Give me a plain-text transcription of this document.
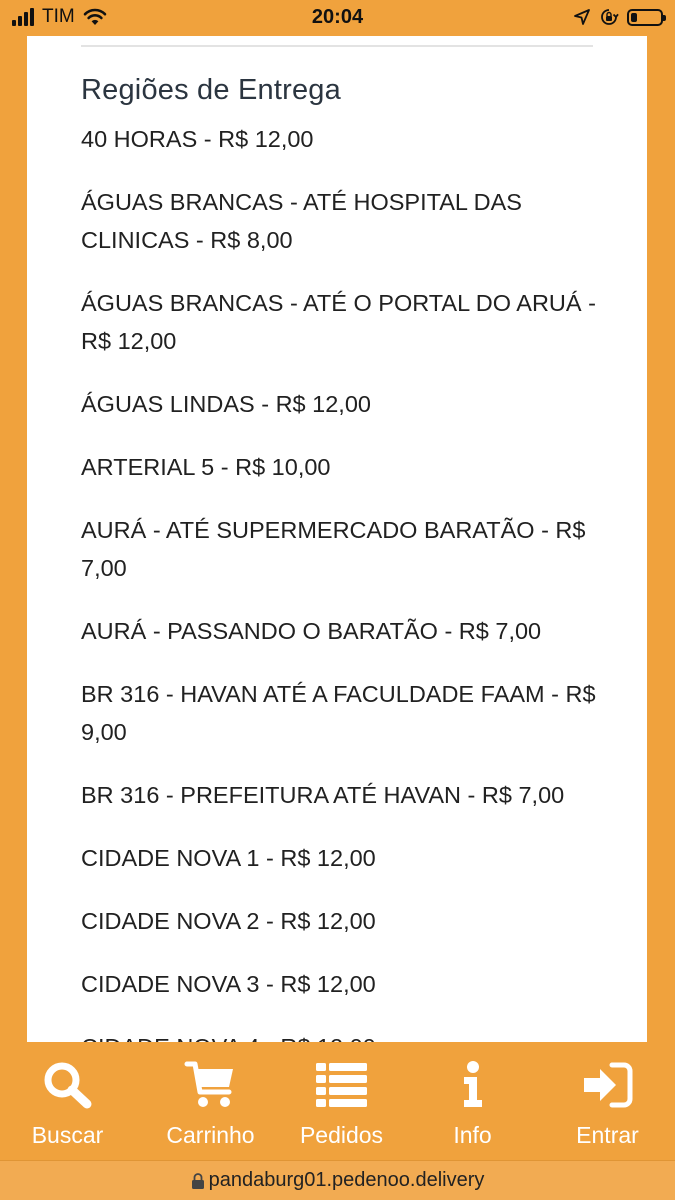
TIM	20:04
Regiões de Entrega
40 HORAS - R$ 12,00
ÁGUAS BRANCAS - ATÉ HOSPITAL DAS CLINICAS - R$ 8,00
ÁGUAS BRANCAS - ATÉ O PORTAL DO ARUÁ - R$ 12,00
ÁGUAS LINDAS - R$ 12,00
ARTERIAL 5 - R$ 10,00
AURÁ - ATÉ SUPERMERCADO BARATÃO - R$ 7,00
AURÁ - PASSANDO O BARATÃO - R$ 7,00
BR 316 - HAVAN ATÉ A FACULDADE FAAM - R$ 9,00
BR 316 - PREFEITURA ATÉ HAVAN - R$ 7,00
CIDADE NOVA 1 - R$ 12,00
CIDADE NOVA 2 - R$ 12,00
CIDADE NOVA 3 - R$ 12,00
Buscar	Carrinho	Pedidos	Info	Entrar
pandaburg01.pedenoo.delivery
